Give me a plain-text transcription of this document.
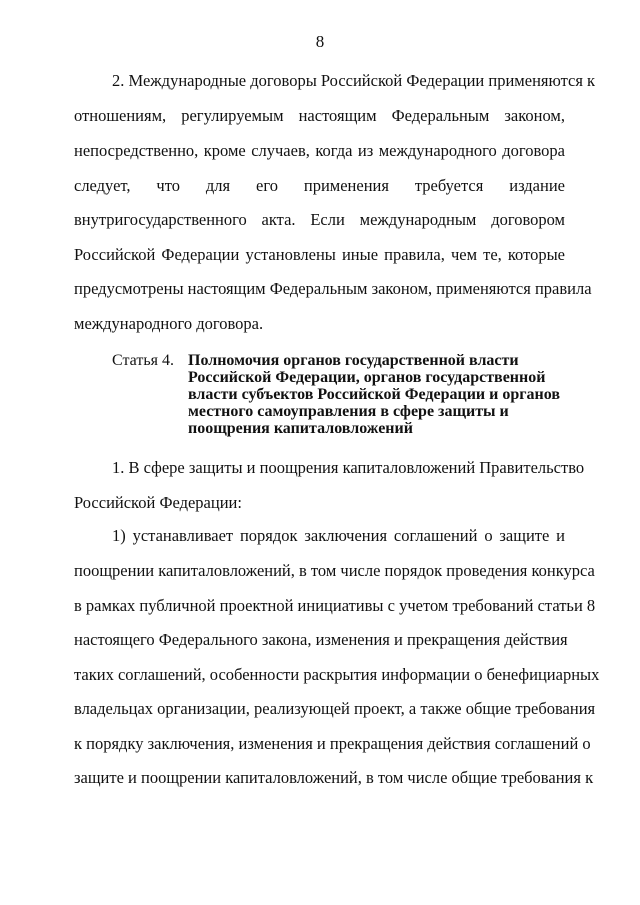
8
2. Международные договоры Российской Федерации применяются к
отношениям, регулируемым настоящим Федеральным законом,
непосредственно, кроме случаев, когда из международного договора
следует, что для его применения требуется издание
внутригосударственного акта. Если международным договором
Российской Федерации установлены иные правила, чем те, которые
предусмотрены настоящим Федеральным законом, применяются правила
международного договора.
Статья 4. Полномочия органов государственной власти
Российской Федерации, органов государственной
власти субъектов Российской Федерации и органов
местного самоуправления в сфере защиты и
поощрения капиталовложений
1. В сфере защиты и поощрения капиталовложений Правительство
Российской Федерации:
1) устанавливает порядок заключения соглашений о защите и
поощрении капиталовложений, в том числе порядок проведения конкурса
в рамках публичной проектной инициативы с учетом требований статьи 8
настоящего Федерального закона, изменения и прекращения действия
таких соглашений, особенности раскрытия информации о бенефициарных
владельцах организации, реализующей проект, а также общие требования
к порядку заключения, изменения и прекращения действия соглашений о
защите и поощрении капиталовложений, в том числе общие требования к
